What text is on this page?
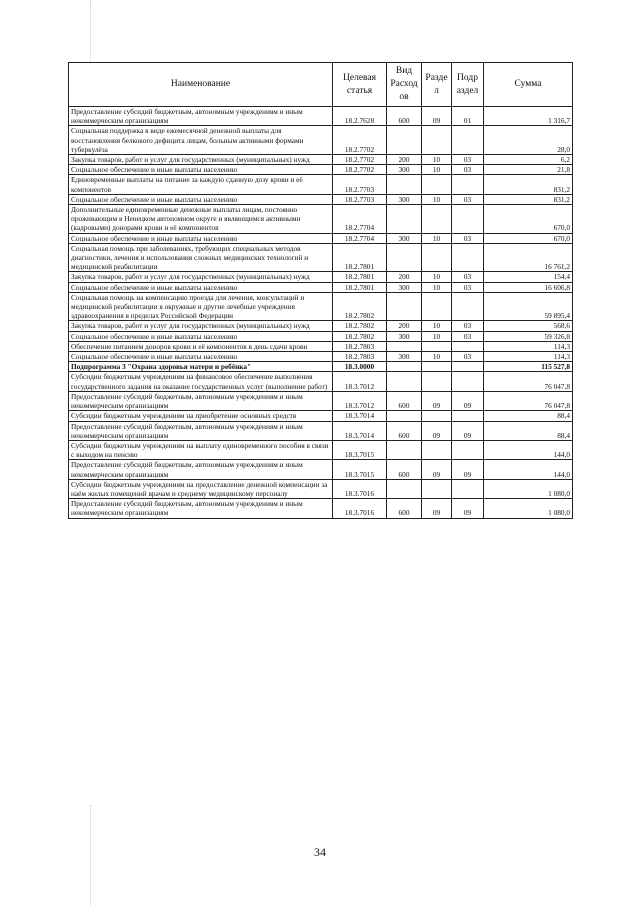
Наименование	Целевая статья	Вид Расход ов	Разде л	Подр аздел	Сумма
Предоставление субсидий бюджетным, автономным учреждениям и иным некоммерческим организациям	18.2.7628	600	09	01	1 316,7
Социальная поддержка в виде ежемесячной денежной выплаты для восстановления белкового дефицита лицам, больным активными формами туберкулёза	18.2.7702				28,0
Закупка товаров, работ и услуг для государственных (муниципальных) нужд	18.2.7702	200	10	03	6,2
Социальное обеспечение и иные выплаты населению	18.2.7702	300	10	03	21,8
Единовременные выплаты на питание за каждую сданную дозу крови и её компонентов	18.2.7703				831,2
Социальное обеспечение и иные выплаты населению	18.2.7703	300	10	03	831,2
Дополнительные единовременные денежные выплаты лицам, постоянно проживающим в Ненецком автономном округе и являющимся активными (кадровыми) донорами крови и её компонентов	18.2.7704				670,0
Социальное обеспечение и иные выплаты населению	18.2.7704	300	10	03	670,0
Социальная помощь при заболеваниях, требующих специальных методов диагностики, лечения и использования сложных медицинских технологий и медицинской реабилитации	18.2.7801				16 761,2
Закупка товаров, работ и услуг для государственных (муниципальных) нужд	18.2.7801	200	10	03	154,4
Социальное обеспечение и иные выплаты населению	18.2.7801	300	10	03	16 606,8
Социальная помощь на компенсацию проезда для лечения, консультаций и медицинской реабилитации в окружные и другие лечебные учреждения здравоохранения в пределах Российской Федерации	18.2.7802				59 895,4
Закупка товаров, работ и услуг для государственных (муниципальных) нужд	18.2.7802	200	10	03	568,6
Социальное обеспечение и иные выплаты населению	18.2.7802	300	10	03	59 326,8
Обеспечение питанием доноров крови и её компонентов в день сдачи крови	18.2.7803				114,3
Социальное обеспечение и иные выплаты населению	18.2.7803	300	10	03	114,3
Подпрограмма 3 "Охрана здоровья матери и ребёнка"	18.3.0000				115 527,8
Субсидии бюджетным учреждениям на финансовое обеспечение выполнения государственного задания на оказание государственных услуг (выполнение работ)	18.3.7012				76 047,8
Предоставление субсидий бюджетным, автономным учреждениям и иным некоммерческим организациям	18.3.7012	600	09	09	76 047,8
Субсидии бюджетным учреждениям на приобретение основных средств	18.3.7014				88,4
Предоставление субсидий бюджетным, автономным учреждениям и иным некоммерческим организациям	18.3.7014	600	09	09	88,4
Субсидии бюджетным учреждениям на выплату единовременного пособия в связи с выходом на пенсию	18.3.7015				144,0
Предоставление субсидий бюджетным, автономным учреждениям и иным некоммерческим организациям	18.3.7015	600	09	09	144,0
Субсидии бюджетным учреждениям на предоставление денежной компенсации за наём жилых помещений врачам и среднему медицинскому персоналу	18.3.7016				1 080,0
Предоставление субсидий бюджетным, автономным учреждениям и иным некоммерческим организациям	18.3.7016	600	09	09	1 080,0
34
